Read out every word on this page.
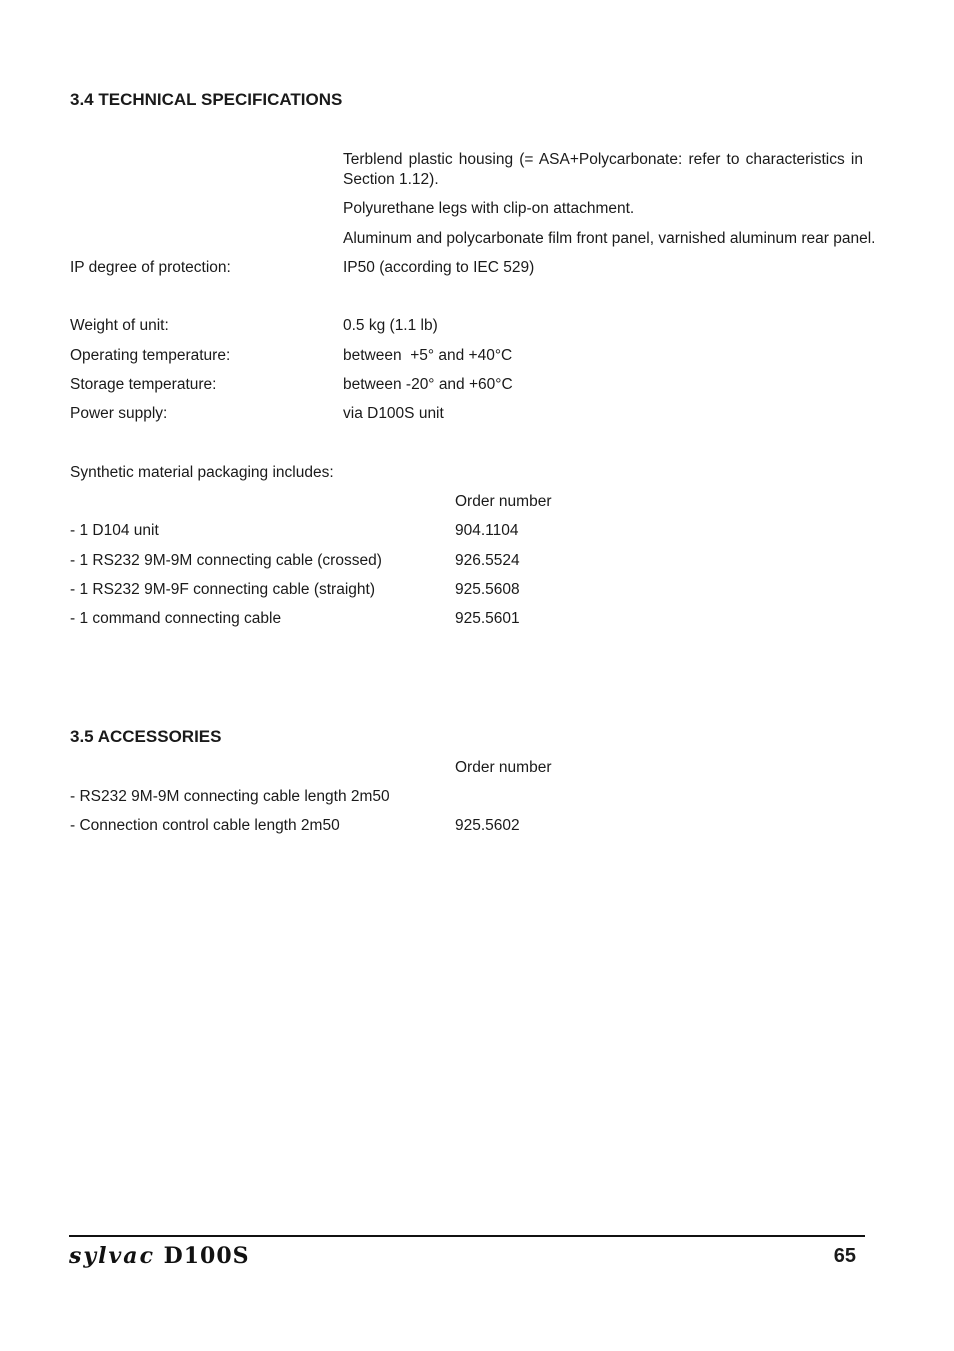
3.4 TECHNICAL SPECIFICATIONS
Terblend plastic housing (= ASA+Polycarbonate: refer to characteristics in Section 1.12).
Polyurethane legs with clip-on attachment.
Aluminum and polycarbonate film front panel, varnished aluminum rear panel.
IP degree of protection:	IP50 (according to IEC 529)
Weight of unit:	0.5 kg (1.1 lb)
Operating temperature:	between  +5° and +40°C
Storage temperature:	between -20° and +60°C
Power supply:	via D100S unit
Synthetic material packaging includes:
Order number
- 1 D104 unit	904.1104
- 1 RS232 9M-9M connecting cable (crossed)	926.5524
- 1 RS232 9M-9F connecting cable (straight)	925.5608
- 1 command connecting cable	925.5601
3.5 ACCESSORIES
Order number
- RS232 9M-9M connecting cable length 2m50
- Connection control cable length 2m50	925.5602
sylvac D100S	65
